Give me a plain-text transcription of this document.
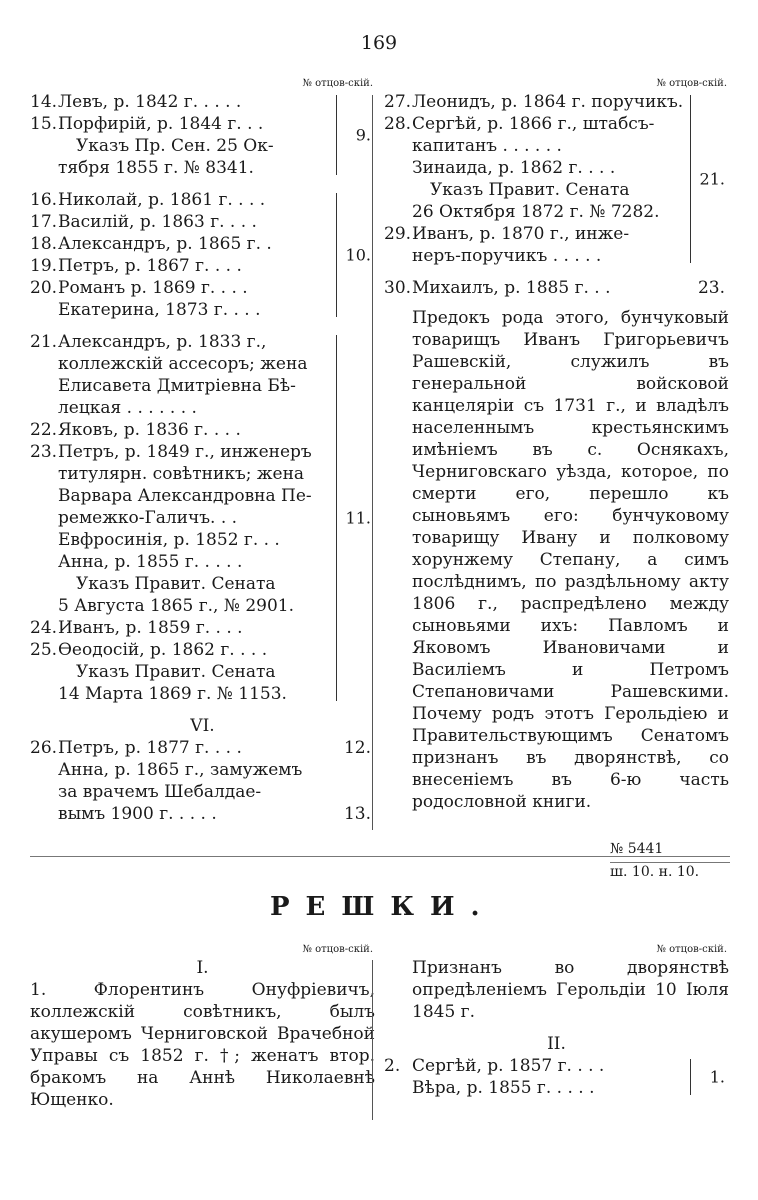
169
№ отцов-скій.
14.Левъ, р. 1842 г. . . . .
15.Порфирій, р. 1844 г. . .
Указъ Пр. Сен. 25 Ок-
тября 1855 г. № 8341.
9.
16.Николай, р. 1861 г. . . .
17.Василій, р. 1863 г. . . .
18.Александръ, р. 1865 г. .
19.Петръ, р. 1867 г. . . .
20.Романъ р. 1869 г. . . .
Екатерина, 1873 г. . . .
10.
21.Александръ, р. 1833 г.,
коллежскій ассесоръ; жена
Елисавета Дмитріевна Бѣ-
лецкая . . . . . . .
22.Яковъ, р. 1836 г. . . .
23.Петръ, р. 1849 г., инженеръ
титулярн. совѣтникъ; жена
Варвара Александровна Пе-
ремежко-Галичъ. . .
Евфросинія, р. 1852 г. . .
Анна, р. 1855 г. . . . .
Указъ Правит. Сената
5 Августа 1865 г., № 2901.
24.Иванъ, р. 1859 г. . . .
25.Ѳеодосій, р. 1862 г. . . .
Указъ Правит. Сената
14 Марта 1869 г. № 1153.
11.
VI.
26.Петръ, р. 1877 г. . . .	12.
Анна, р. 1865 г., замужемъ
за врачемъ Шебалдае-
вымъ 1900 г. . . . .	13.
№ отцов-скій.
27.Леонидъ, р. 1864 г. поручикъ.
28.Сергѣй, р. 1866 г., штабсъ-
капитанъ . . . . . .
Зинаида, р. 1862 г. . . .
Указъ Правит. Сената
26 Октября 1872 г. № 7282.
29.Иванъ, р. 1870 г., инже-
неръ-поручикъ . . . . .
21.
30.Михаилъ, р. 1885 г. . .	23.
Предокъ рода этого, бунчуковый товарищъ Иванъ Григорьевичъ Рашевскій, служилъ въ генеральной войсковой канцеляріи съ 1731 г., и владѣлъ населеннымъ крестьянскимъ имѣніемъ въ с. Оснякахъ, Черниговскаго уѣзда, которое, по смерти его, перешло къ сыновьямъ его: бунчуковому товарищу Ивану и полковому хорунжему Степану, а симъ послѣднимъ, по раздѣльному акту 1806 г., распредѣлено между сыновьями ихъ: Павломъ и Яковомъ Ивановичами и Василіемъ и Петромъ Степановичами Рашевскими. Почему родъ этотъ Герольдіею и Правительствующимъ Сенатомъ признанъ въ дворянствѣ, со внесеніемъ въ 6-ю часть родословной книги.
№ 5441
ш. 10. н. 10.
РЕШКИ.
№ отцов-скій.
I.
1. Флорентинъ Онуфріевичъ, коллежскій совѣтникъ, былъ акушеромъ Черниговской Врачебной Управы съ 1852 г. †; женатъ втор. бракомъ на Аннѣ Николаевнѣ Ющенко.
№ отцов-скій.
Признанъ во дворянствѣ опредѣленіемъ Герольдіи 10 Іюля 1845 г.
II.
2. Сергѣй, р. 1857 г. . . .
Вѣра, р. 1855 г. . . . .
1.
